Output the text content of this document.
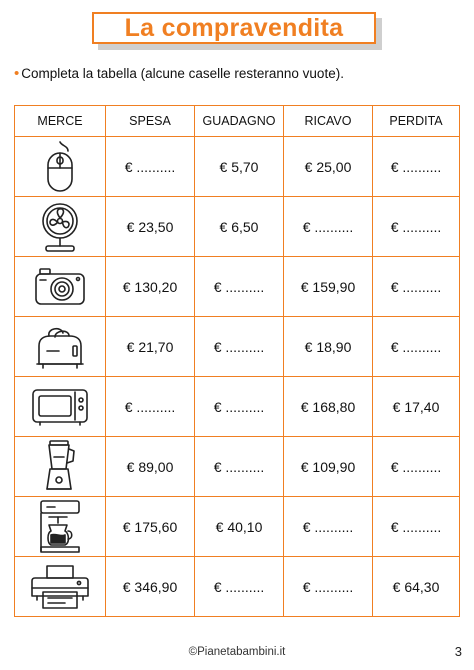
La compravendita
• Completa la tabella (alcune caselle resteranno vuote).
MERCE	SPESA	GUADAGNO	RICAVO	PERDITA

	€ ..........	€ 5,70	€ 25,00	€ ..........

	€ 23,50	€ 6,50	€ ..........	€ ..........

	€ 130,20	€ ..........	€ 159,90	€ ..........

	€ 21,70	€ ..........	€ 18,90	€ ..........

	€ ..........	€ ..........	€ 168,80	€ 17,40

	€ 89,00	€ ..........	€ 109,90	€ ..........

	€ 175,60	€ 40,10	€ ..........	€ ..........

	€ 346,90	€ ..........	€ ..........	€ 64,30
©Pianetabambini.it	3
